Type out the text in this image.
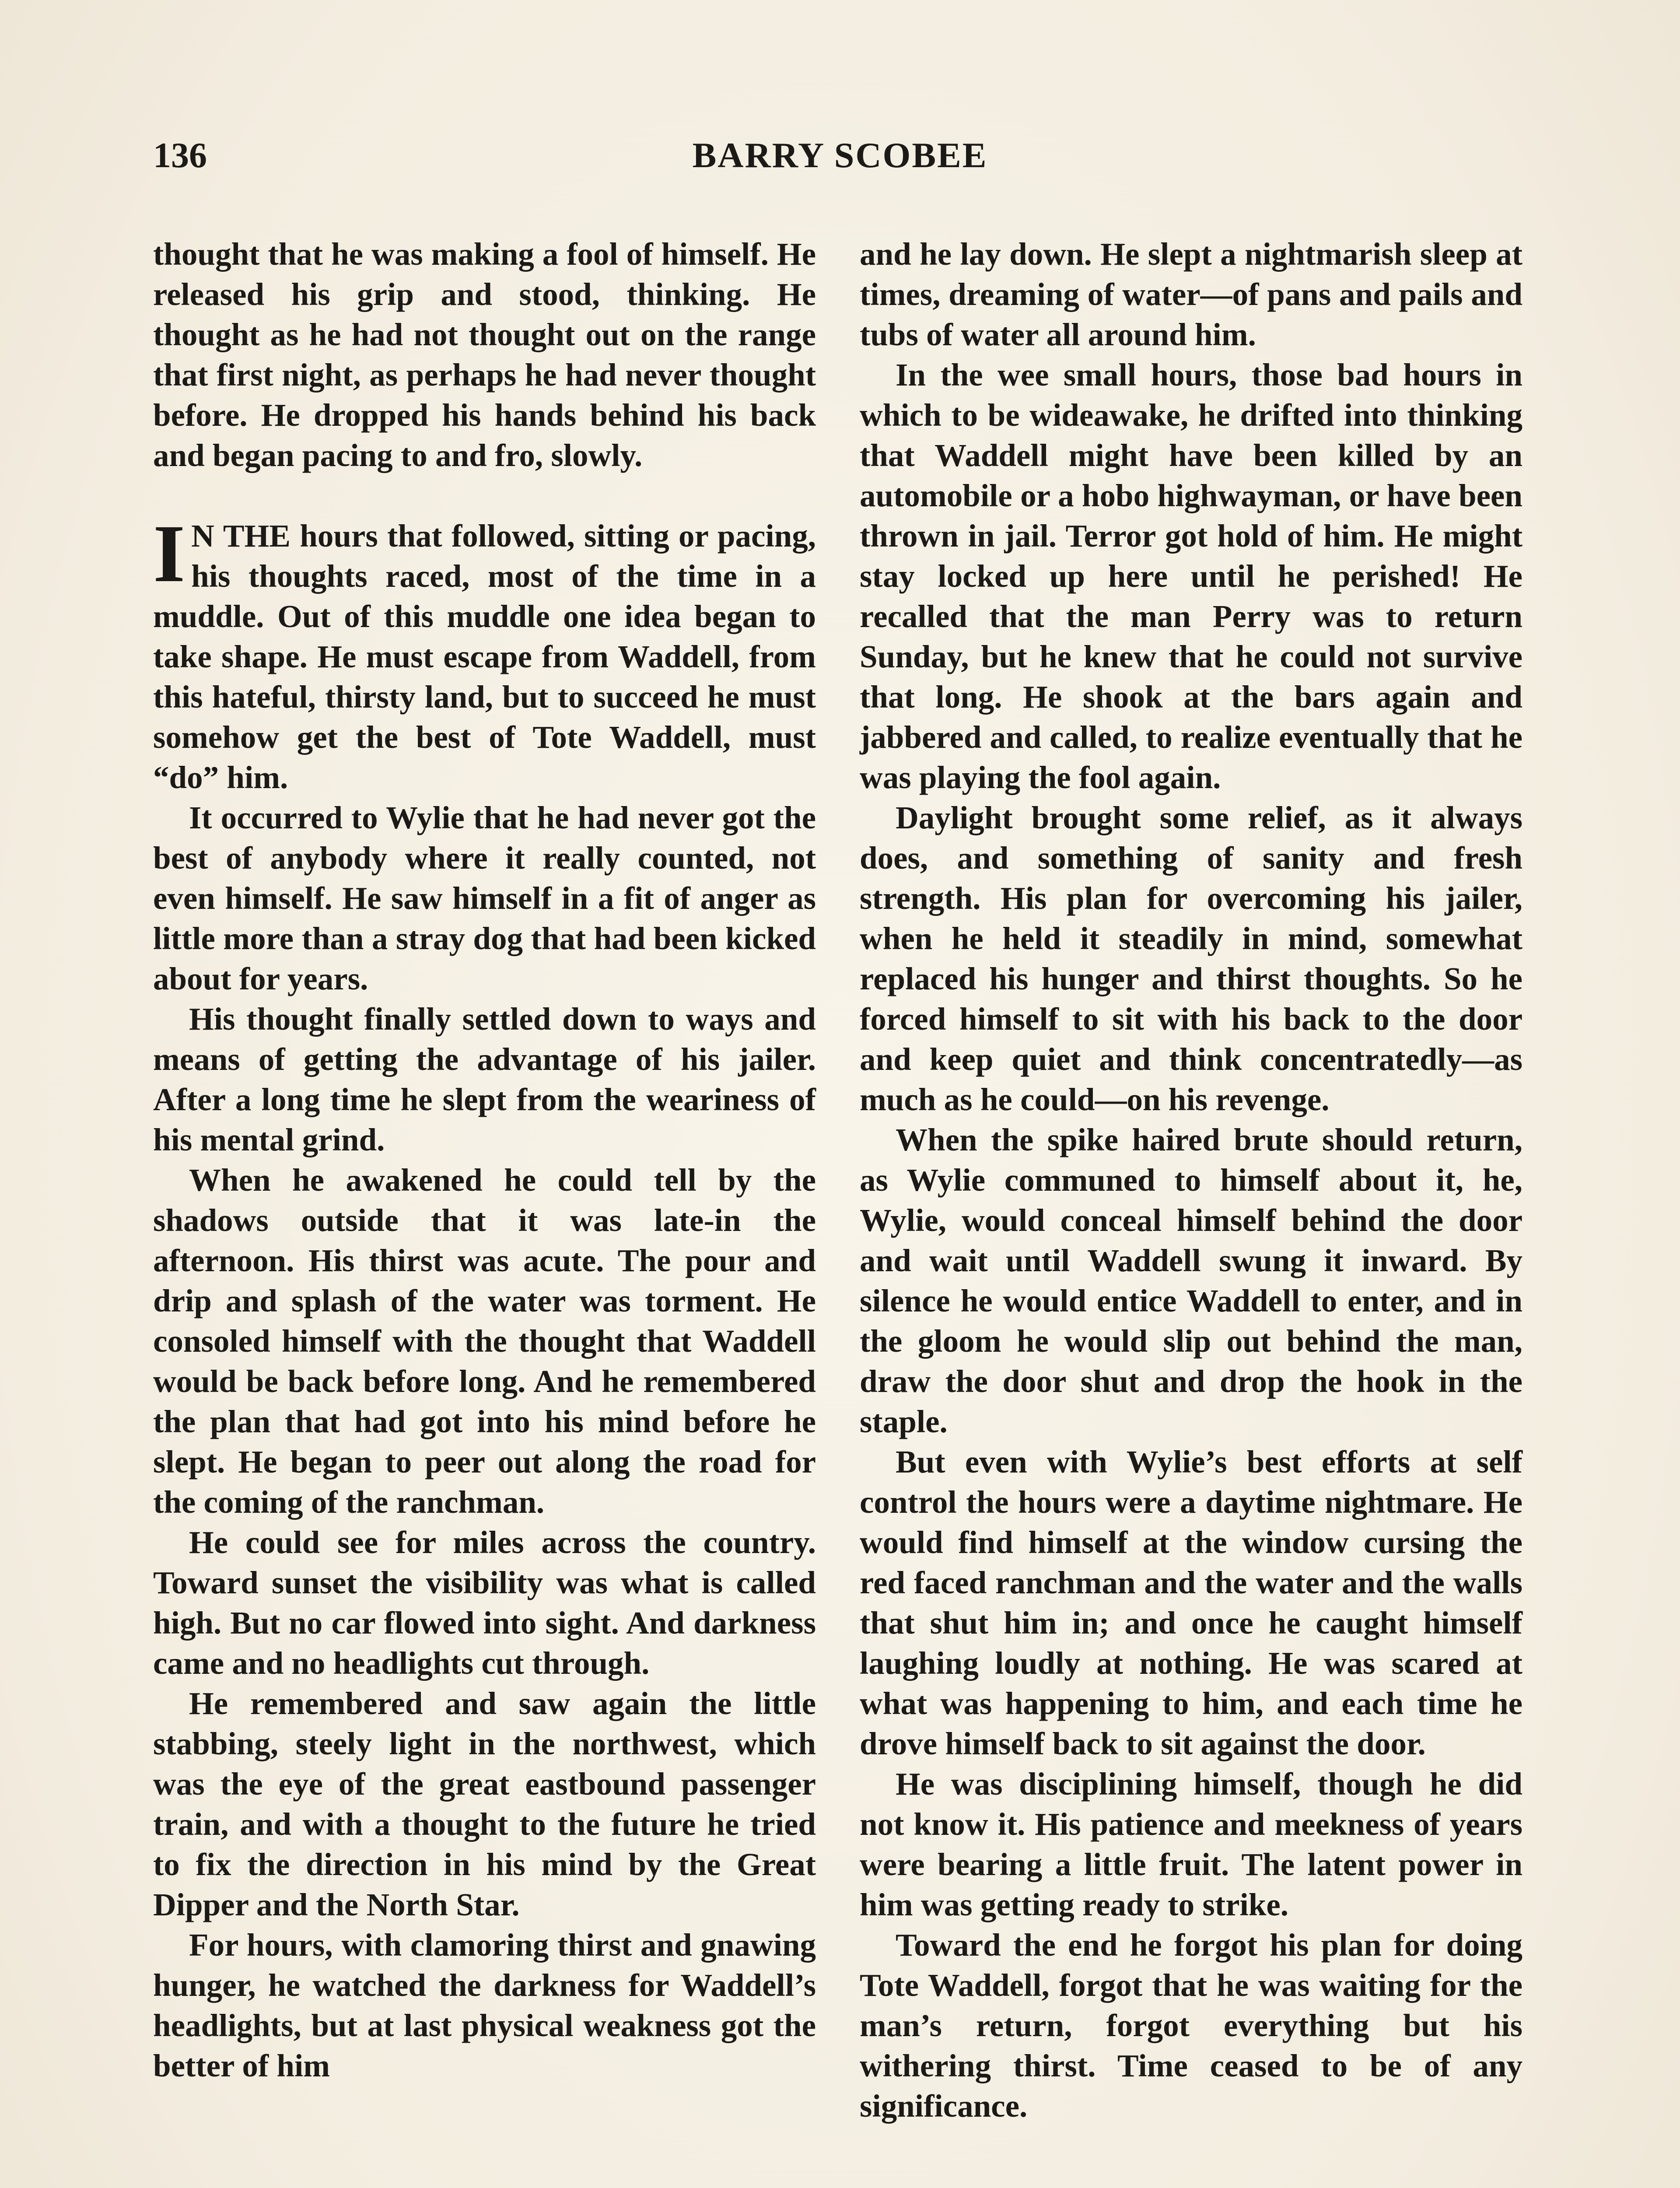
136	BARRY SCOBEE

thought that he was making a fool of himself. He released his grip and stood, thinking. He thought as he had not thought out on the range that first night, as perhaps he had never thought before. He dropped his hands behind his back and began pacing to and fro, slowly.

I N THE hours that followed, sitting or pacing, his thoughts raced, most of the time in a muddle. Out of this muddle one idea began to take shape. He must escape from Waddell, from this hateful, thirsty land, but to succeed he must somehow get the best of Tote Waddell, must “do” him.

It occurred to Wylie that he had never got the best of anybody where it really counted, not even himself. He saw himself in a fit of anger as little more than a stray dog that had been kicked about for years.

His thought finally settled down to ways and means of getting the advantage of his jailer. After a long time he slept from the weariness of his mental grind.

When he awakened he could tell by the shadows outside that it was late-in the afternoon. His thirst was acute. The pour and drip and splash of the water was torment. He consoled himself with the thought that Waddell would be back before long. And he remembered the plan that had got into his mind before he slept. He began to peer out along the road for the coming of the ranchman.

He could see for miles across the country. Toward sunset the visibility was what is called high. But no car flowed into sight. And darkness came and no headlights cut through.

He remembered and saw again the little stabbing, steely light in the northwest, which was the eye of the great eastbound passenger train, and with a thought to the future he tried to fix the direction in his mind by the Great Dipper and the North Star.

For hours, with clamoring thirst and gnawing hunger, he watched the darkness for Waddell’s headlights, but at last physical weakness got the better of him

and he lay down. He slept a nightmarish sleep at times, dreaming of water—of pans and pails and tubs of water all around him.

In the wee small hours, those bad hours in which to be wideawake, he drifted into thinking that Waddell might have been killed by an automobile or a hobo highwayman, or have been thrown in jail. Terror got hold of him. He might stay locked up here until he perished! He recalled that the man Perry was to return Sunday, but he knew that he could not survive that long. He shook at the bars again and jabbered and called, to realize eventually that he was playing the fool again.

Daylight brought some relief, as it always does, and something of sanity and fresh strength. His plan for overcoming his jailer, when he held it steadily in mind, somewhat replaced his hunger and thirst thoughts. So he forced himself to sit with his back to the door and keep quiet and think concentratedly—as much as he could—on his revenge.

When the spike haired brute should return, as Wylie communed to himself about it, he, Wylie, would conceal himself behind the door and wait until Waddell swung it inward. By silence he would entice Waddell to enter, and in the gloom he would slip out behind the man, draw the door shut and drop the hook in the staple.

But even with Wylie’s best efforts at self control the hours were a daytime nightmare. He would find himself at the window cursing the red faced ranchman and the water and the walls that shut him in; and once he caught himself laughing loudly at nothing. He was scared at what was happening to him, and each time he drove himself back to sit against the door.

He was disciplining himself, though he did not know it. His patience and meekness of years were bearing a little fruit. The latent power in him was getting ready to strike.

Toward the end he forgot his plan for doing Tote Waddell, forgot that he was waiting for the man’s return, forgot everything but his withering thirst. Time ceased to be of any significance.
